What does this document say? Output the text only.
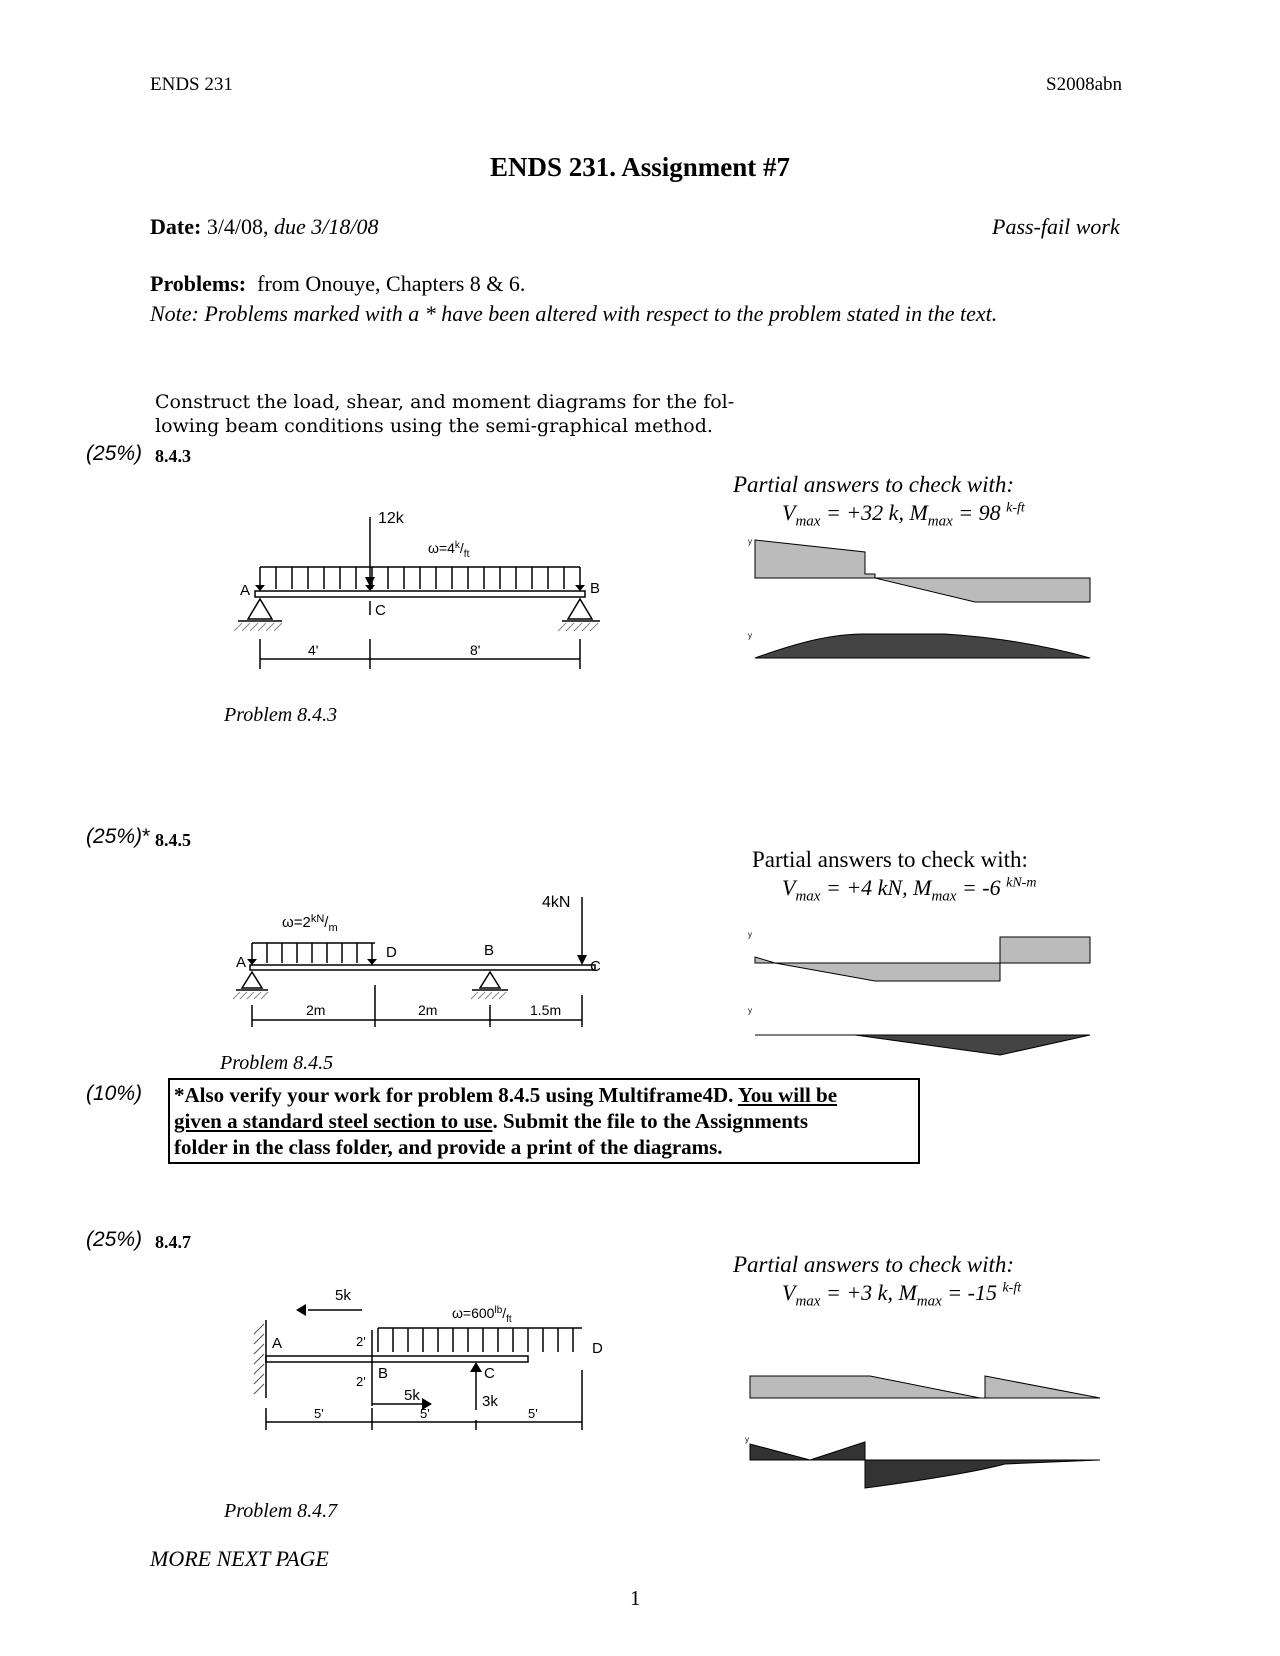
ENDS 231	S2008abn
ENDS 231. Assignment #7
Date: 3/4/08, due 3/18/08	Pass-fail work
Problems: from Onouye, Chapters 8 & 6.
Note: Problems marked with a * have been altered with respect to the problem stated in the text.
Construct the load, shear, and moment diagrams for the fol-
lowing beam conditions using the semi-graphical method.
(25%) 8.4.3
12k
$\omega=4^k/_{ft}$
A	B
C
4'	8'
Problem 8.4.3
Partial answers to check with:
$V_{max} = +32$ k, $M_{max} = 98$ $^{k-ft}$
y
y
(25%)* 8.4.5
4kN
$\omega=2^{kN}/_m$
A
D	B
C
2m	2m	1.5m
Problem 8.4.5
Partial answers to check with:
$V_{max} = +4$ kN, $M_{max} = -6$ $^{kN-m}$
y
y
(10%) *Also verify your work for problem 8.4.5 using Multiframe4D. You will be
given a standard steel section to use. Submit the file to the Assignments
folder in the class folder, and provide a print of the diagrams.
(25%) 8.4.7
5k
5k	3k
$\omega=600^{lb}/_{ft}$
A
B	C
D
2'
2'
5'	5'	5'
Problem 8.4.7
Partial answers to check with:
$V_{max} = +3$ k, $M_{max} = -15$ $^{k-ft}$
y
MORE NEXT PAGE
1
